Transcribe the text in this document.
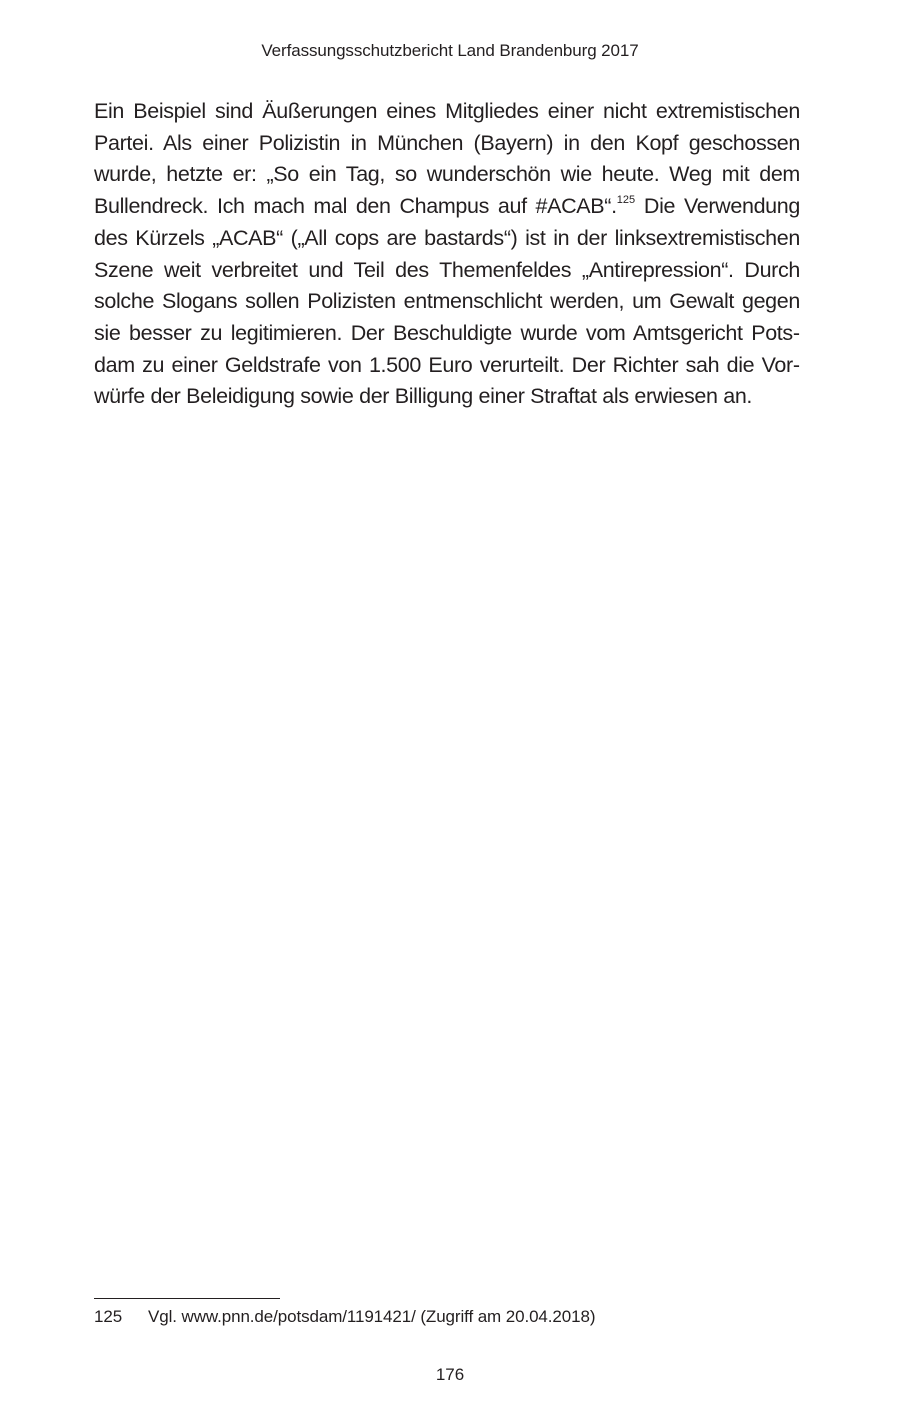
Verfassungsschutzbericht Land Brandenburg 2017

Ein Beispiel sind Äußerungen eines Mitgliedes einer nicht extremistischen Partei. Als einer Polizistin in München (Bayern) in den Kopf geschossen wurde, hetzte er: „So ein Tag, so wunderschön wie heute. Weg mit dem Bullendreck. Ich mach mal den Champus auf #ACAB“.$^{125}$ Die Verwendung des Kürzels „ACAB“ („All cops are bastards“) ist in der linksextremistischen Szene weit verbreitet und Teil des Themenfeldes „Antirepression“. Durch solche Slogans sollen Polizisten entmenschlicht werden, um Gewalt gegen sie besser zu legitimieren. Der Beschuldigte wurde vom Amtsgericht Potsdam zu einer Geldstrafe von 1.500 Euro verurteilt. Der Richter sah die Vorwürfe der Beleidigung sowie der Billigung einer Straftat als erwiesen an.

125 Vgl. www.pnn.de/potsdam/1191421/ (Zugriff am 20.04.2018)
176
